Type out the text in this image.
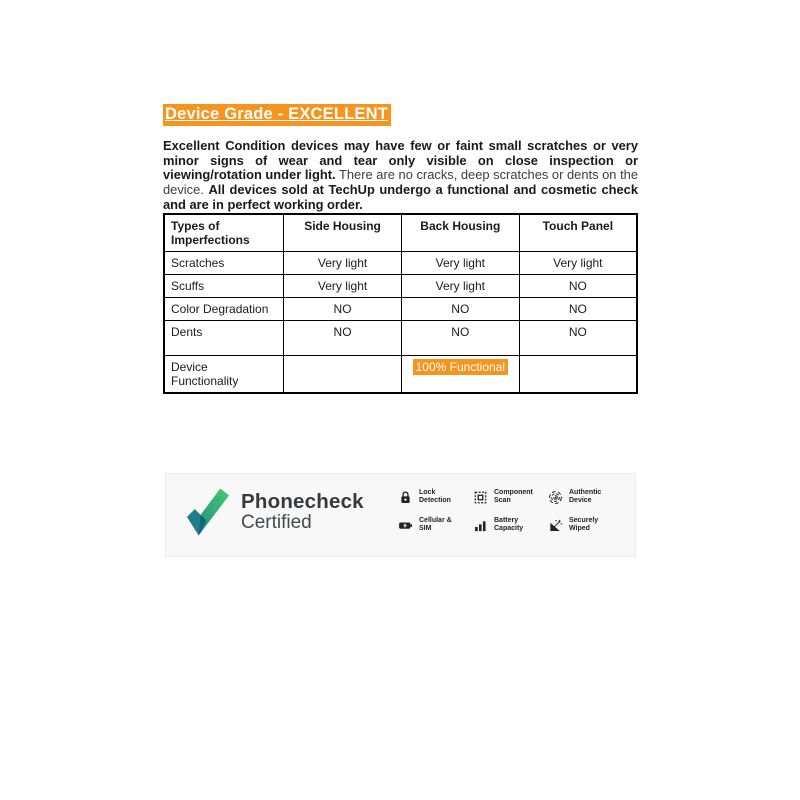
Device Grade - EXCELLENT

Excellent Condition devices may have few or faint small scratches or very minor signs of wear and tear only visible on close inspection or viewing/rotation under light. There are no cracks, deep scratches or dents on the device. All devices sold at TechUp undergo a functional and cosmetic check and are in perfect working order.

Types of Imperfections	Side Housing	Back Housing	Touch Panel
Scratches	Very light	Very light	Very light
Scuffs	Very light	Very light	NO
Color Degradation	NO	NO	NO
Dents	NO	NO	NO
Device Functionality		100% Functional	
Phonecheck
Certified
Lock Detection
Component Scan
Authentic Device
Cellular & SIM
Battery Capacity
Securely Wiped
